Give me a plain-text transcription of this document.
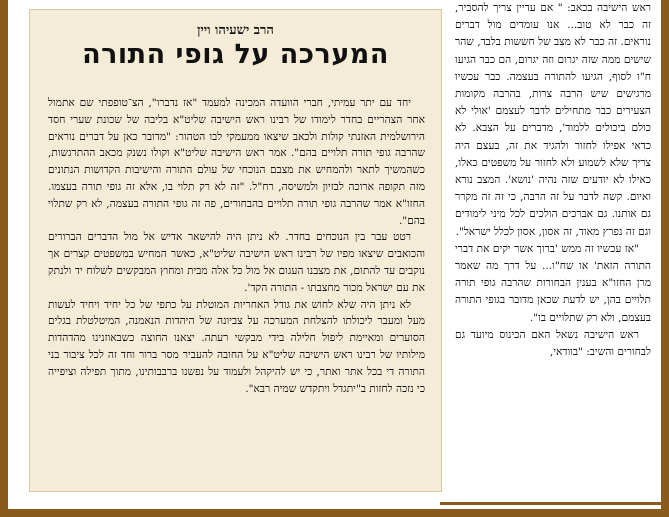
הרב ישעיהו ויין
המערכה על גופי התורה

יחד עם יתר עמיתי, חברי הוועדה המכינה למעמד "אז נדברו", הצ־טופפתי שם אתמול אחר הצהריים בחדר לימודו של רבינו ראש הישיבה שליט"א בליבה של שכונת שערי חסד הירושלמית האזנתי קולות ולכאב שיצאו ממעמקי לבו הטהור: "מדובר כאן על דברים נוראים שהרבה גופי תורה תלויים בהם". אמר ראש הישיבה שליט"א וקולו נשנק מכאב ההתרגשות, כשהמשיך לתאר ולהמחיש את מצבם הנוכחי של עולם התורה והישיבות הקדושות הנתונים מזה תקופה ארוכה לבזיון ולמשיסה, רח"ל. "זה לא רק תלוי בו, אלא זה גופי תורה בעצמו. החזו"א אמר שהרבה גופי תורה תלויים בהבחורים, פה זה גופי התורה בעצמה, לא רק שתלוי בהם".

רטט עבר בין הנוכחים בחדר. לא ניתן היה להישאר אדיש אל מול הדברים הברורים והכואבים שיצאו מפיו של רבינו ראש הישיבה שליט"א, כאשר המחיש במשפטים קצרים אך נוקבים עד להתום, את מצבנו העגום אל מול כל אלה מבית ומחוץ המבקשים לשלוח יד ולנתק את עם ישראל מכור מחצבתו - התורה הקד'.

לא ניתן היה שלא לחוש את גודל האחריות המוטלת על כתפי של כל יחיד ויחיד לעשות מעל ומעבר ליכולתו להצלחת המערכה על צביונה של היהדות הנאמנה, המיטלטלת בגלים הסוערים ומאיימת ליפול חלילה בידי מבקשי רעתה. יצאנו החוצה כשבאוזנינו מהדהדות מילותיו של רבינו ראש הישיבה שליט"א על החובה להעביר מסר ברור וחד זה לכל ציבור בני התורה די בכל אתר ואתר, כי יש להיקהל ולעמוד על נפשנו ברבבותינו, מתוך תפילה וציפייה כי נזכה לחזות ב"יתגדל ויתקדש שמיה רבא".

ראש הישיבה בכאב: " אם עדיין צריך להסביר, זה כבר לא טוב... אנו עומדים מול דברים נוראים. זה כבר לא מצב של חששות בלבד, שהר שישים ממה שזה יגרום וזה יגרום, הם כבר הגיעו ח"ו לסוף, הגיעו להתורה בעצמה. כבר עכשיו מרגישים שיש הרבה צרות, בהרבה מקומות הצעירים כבר מתחילים לדבר לעצמם 'אולי לא כולם ביכולים ללמוד', מדברים על הצבא. לא כדאי אפילו לחזור ולהגיד את זה, בעצם היה צריך שלא לשמוע ולא לחזור על משפטים כאלו, כאילו לא יודעים שזה נהיה 'נושא'. המצב נורא ואיום. קשה לדבר על זה הרבה, כי זה זה מקרר גם אותנו. גם אברכים הולכים לכל מיני לימודים וגם זה נפרץ מאוד, זה אסון, אסון לכלל ישראל".

"אז עכשיו זה ממש 'ברוך אשר יקים את דברי התורה הזאת' או שח"ו... על דרך מה שאמר מרן החזו"א בענין הבחורות שהרבה גופי תורה תלויים בהן, יש לדעת שכאן מדובר בגופי התורה בעצמם, ולא רק שתלויים בו".

ראש הישיבה נשאל האם הכינוס מיועד גם לבחורים והשיב: "בוודאי,
